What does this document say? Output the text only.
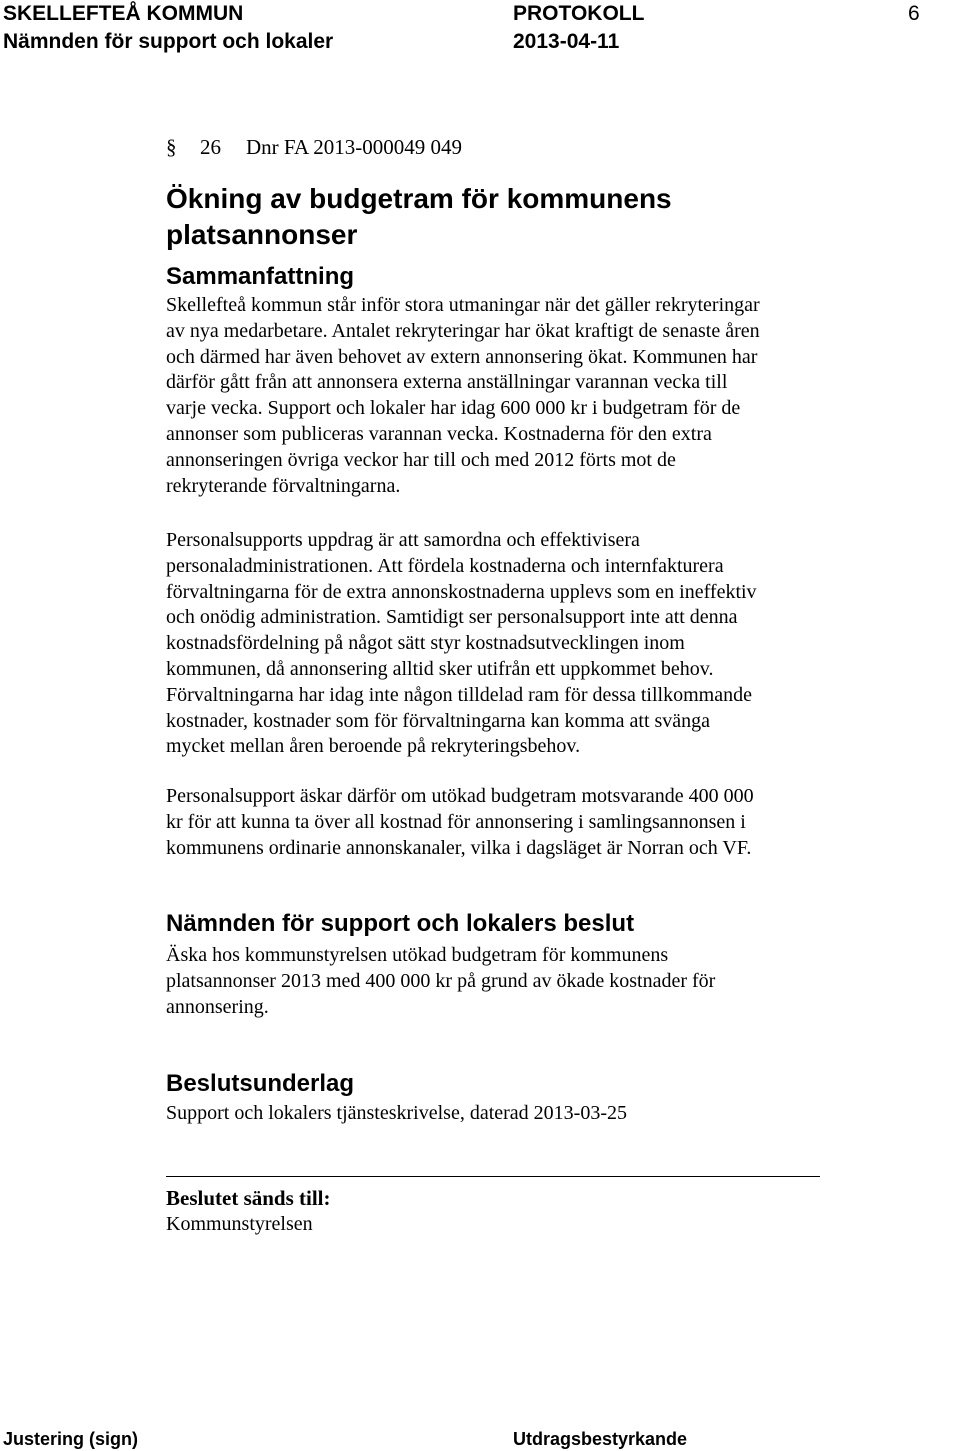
SKELLEFTEÅ KOMMUN
Nämnden för support och lokaler
PROTOKOLL
2013-04-11
6
§ 26 Dnr FA 2013-000049 049
Ökning av budgetram för kommunens
platsannonser
Sammanfattning

Skellefteå kommun står inför stora utmaningar när det gäller rekryteringar

av nya medarbetare. Antalet rekryteringar har ökat kraftigt de senaste åren

och därmed har även behovet av extern annonsering ökat. Kommunen har

därför gått från att annonsera externa anställningar varannan vecka till

varje vecka. Support och lokaler har idag 600 000 kr i budgetram för de

annonser som publiceras varannan vecka. Kostnaderna för den extra

annonseringen övriga veckor har till och med 2012 förts mot de

rekryterande förvaltningarna.

Personalsupports uppdrag är att samordna och effektivisera

personaladministrationen. Att fördela kostnaderna och internfakturera

förvaltningarna för de extra annonskostnaderna upplevs som en ineffektiv

och onödig administration. Samtidigt ser personalsupport inte att denna

kostnadsfördelning på något sätt styr kostnadsutvecklingen inom

kommunen, då annonsering alltid sker utifrån ett uppkommet behov.

Förvaltningarna har idag inte någon tilldelad ram för dessa tillkommande

kostnader, kostnader som för förvaltningarna kan komma att svänga

mycket mellan åren beroende på rekryteringsbehov.

Personalsupport äskar därför om utökad budgetram motsvarande 400 000

kr för att kunna ta över all kostnad för annonsering i samlingsannonsen i

kommunens ordinarie annonskanaler, vilka i dagsläget är Norran och VF.

Nämnden för support och lokalers beslut

Äska hos kommunstyrelsen utökad budgetram för kommunens

platsannonser 2013 med 400 000 kr på grund av ökade kostnader för

annonsering.

Beslutsunderlag

Support och lokalers tjänsteskrivelse, daterad 2013-03-25

Beslutet sänds till:
Kommunstyrelsen
Justering (sign)	Utdragsbestyrkande
